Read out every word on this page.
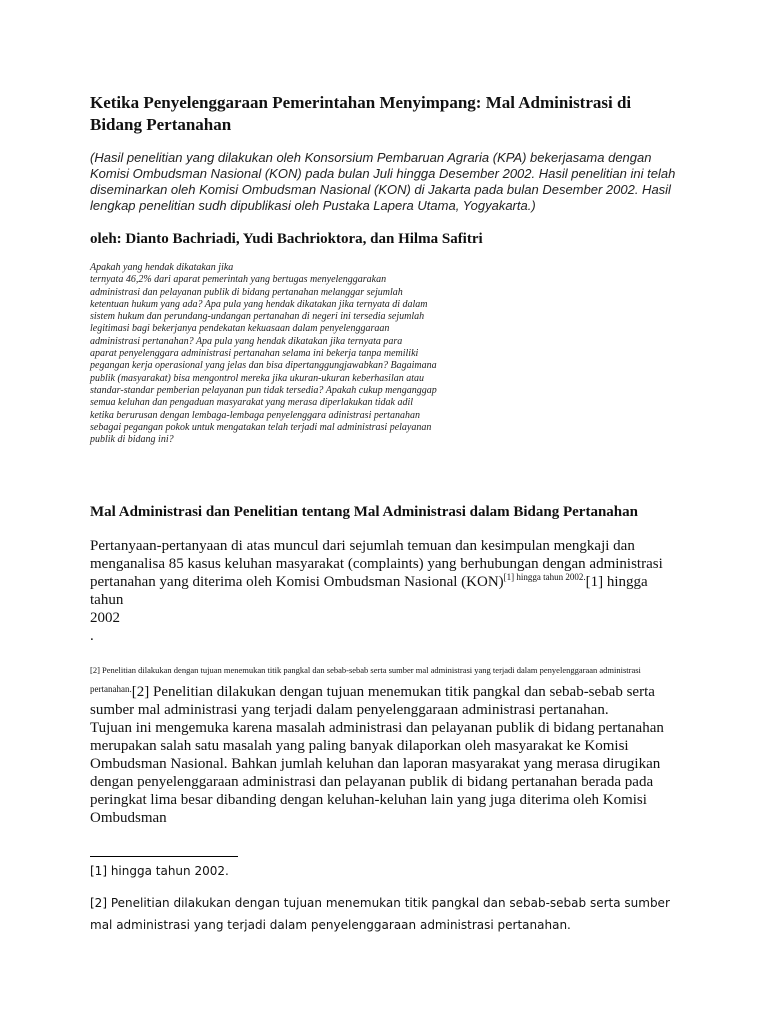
Ketika Penyelenggaraan Pemerintahan Menyimpang: Mal Administrasi di Bidang Pertanahan
(Hasil penelitian yang dilakukan oleh Konsorsium Pembaruan Agraria (KPA) bekerjasama dengan Komisi Ombudsman Nasional (KON) pada bulan Juli hingga Desember 2002. Hasil penelitian ini telah diseminarkan oleh Komisi Ombudsman Nasional (KON) di Jakarta pada bulan Desember 2002. Hasil lengkap penelitian sudh dipublikasi oleh Pustaka Lapera Utama, Yogyakarta.)
oleh: Dianto Bachriadi, Yudi Bachrioktora, dan Hilma Safitri
Apakah yang hendak dikatakan jika
ternyata 46,2% dari aparat pemerintah yang bertugas menyelenggarakan
administrasi dan pelayanan publik di bidang pertanahan melanggar sejumlah
ketentuan hukum yang ada? Apa pula yang hendak dikatakan jika ternyata di dalam
sistem hukum dan perundang-undangan pertanahan di negeri ini tersedia sejumlah
legitimasi bagi bekerjanya pendekatan kekuasaan dalam penyelenggaraan
administrasi pertanahan? Apa pula yang hendak dikatakan jika ternyata para
aparat penyelenggara administrasi pertanahan selama ini bekerja tanpa memiliki
pegangan kerja operasional yang jelas dan bisa dipertanggungjawabkan? Bagaimana
publik (masyarakat) bisa mengontrol mereka jika ukuran-ukuran keberhasilan atau
standar-standar pemberian pelayanan pun tidak tersedia? Apakah cukup menganggap
semua keluhan dan pengaduan masyarakat yang merasa diperlakukan tidak adil
ketika berurusan dengan lembaga-lembaga penyelenggara adinistrasi pertanahan
sebagai pegangan pokok untuk mengatakan telah terjadi mal administrasi pelayanan
publik di bidang ini?
Mal Administrasi dan Penelitian tentang Mal Administrasi dalam Bidang Pertanahan
Pertanyaan-pertanyaan di atas muncul dari sejumlah temuan dan kesimpulan mengkaji dan menganalisa 85 kasus keluhan masyarakat (complaints) yang berhubungan dengan administrasi pertanahan yang diterima oleh Komisi Ombudsman Nasional (KON)$^{[1] hingga tahun 2002.}$[1] hingga
tahun
2002
.
[2] Penelitian dilakukan dengan tujuan menemukan titik pangkal dan sebab-sebab serta sumber mal administrasi yang terjadi dalam penyelenggaraan administrasi
$^{pertanahan.}$[2] Penelitian dilakukan dengan tujuan menemukan titik pangkal dan sebab-sebab serta sumber mal administrasi yang terjadi dalam penyelenggaraan administrasi pertanahan.
Tujuan ini mengemuka karena masalah administrasi dan pelayanan publik di bidang pertanahan merupakan salah satu masalah yang paling banyak dilaporkan oleh masyarakat ke Komisi Ombudsman Nasional. Bahkan jumlah keluhan dan laporan masyarakat yang merasa dirugikan dengan penyelenggaraan administrasi dan pelayanan publik di bidang pertanahan berada pada peringkat lima besar dibanding dengan keluhan-keluhan lain yang juga diterima oleh Komisi Ombudsman
[1] hingga tahun 2002.
[2] Penelitian dilakukan dengan tujuan menemukan titik pangkal dan sebab-sebab serta sumber mal administrasi yang terjadi dalam penyelenggaraan administrasi pertanahan.
